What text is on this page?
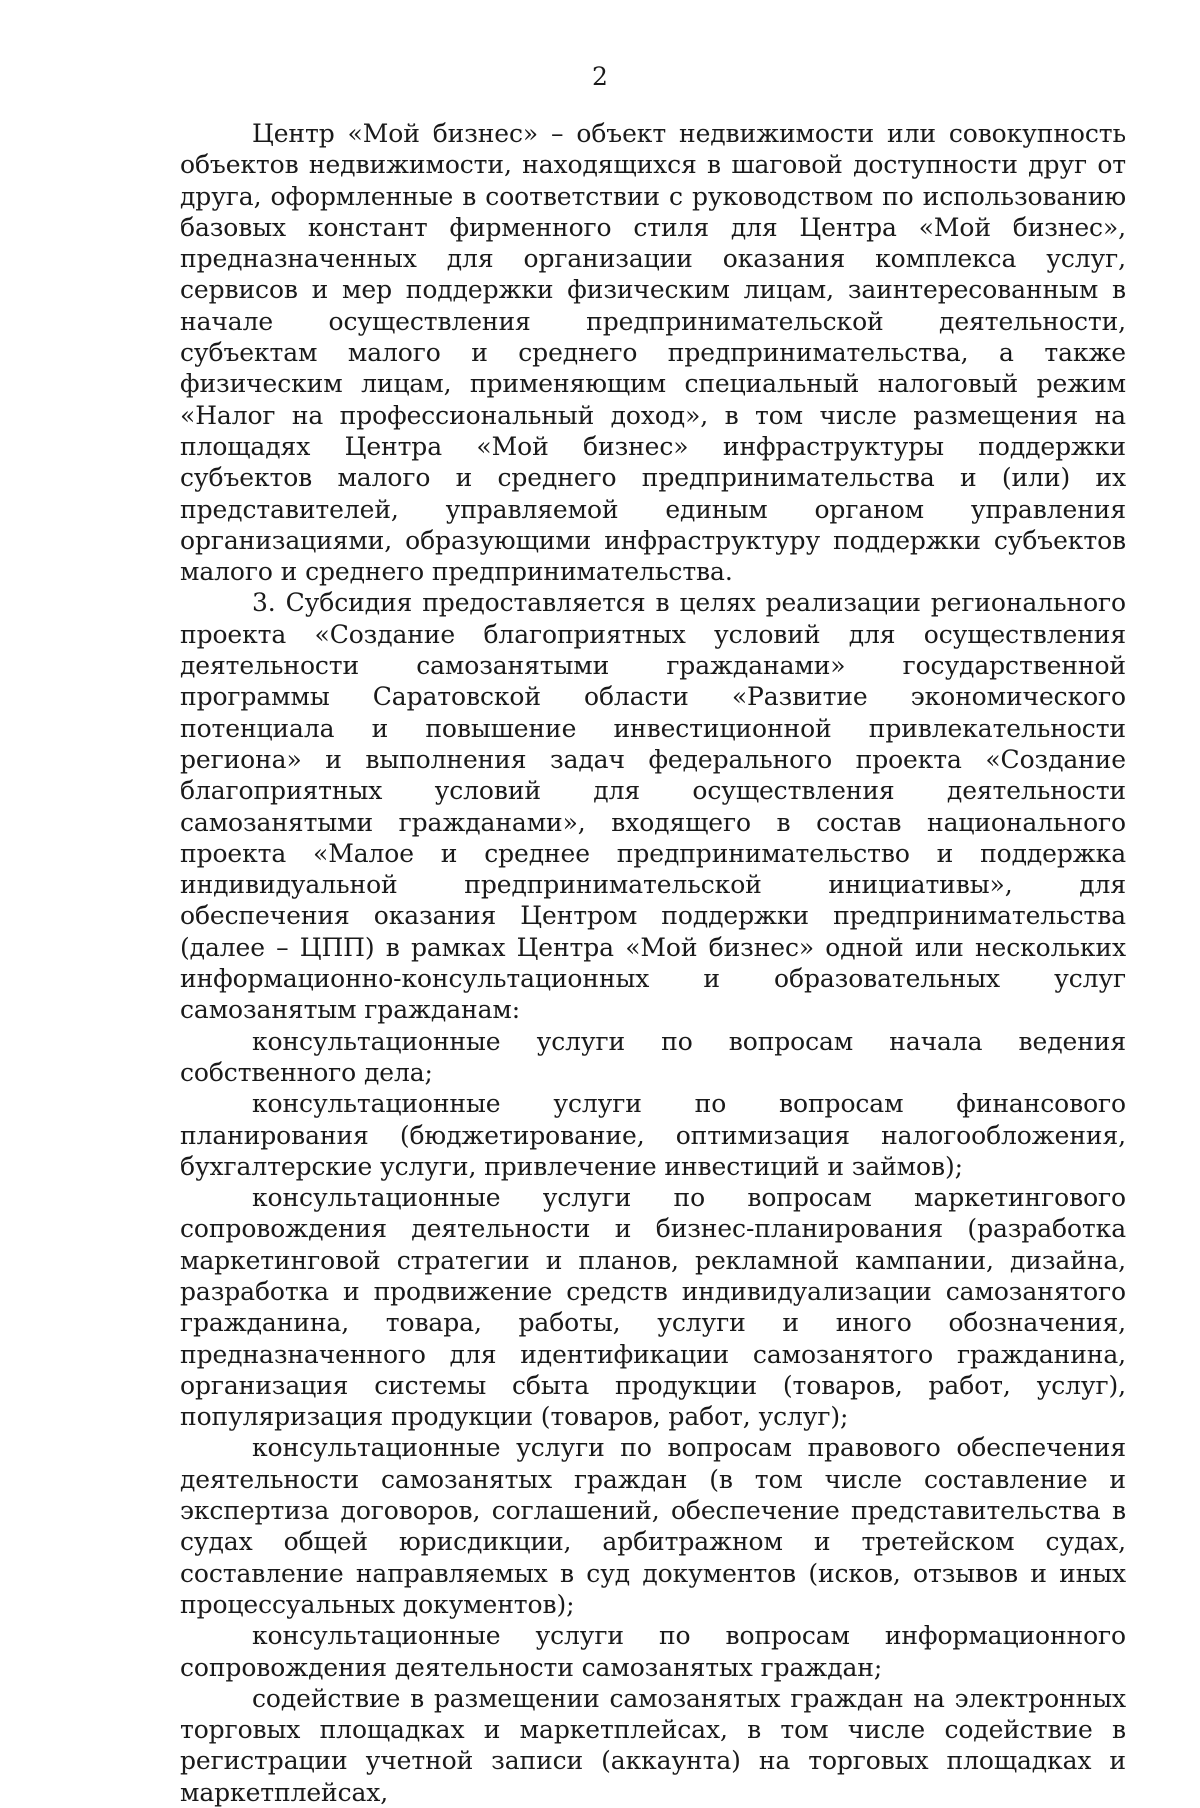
2

Центр «Мой бизнес» – объект недвижимости или совокупность объектов недвижимости, находящихся в шаговой доступности друг от друга, оформленные в соответствии с руководством по использованию базовых констант фирменного стиля для Центра «Мой бизнес», предназначенных для организации оказания комплекса услуг, сервисов и мер поддержки физическим лицам, заинтересованным в начале осуществления предпринимательской деятельности, субъектам малого и среднего предпринимательства, а также физическим лицам, применяющим специальный налоговый режим «Налог на профессиональный доход», в том числе размещения на площадях Центра «Мой бизнес» инфраструктуры поддержки субъектов малого и среднего предпринимательства и (или) их представителей, управляемой единым органом управления организациями, образующими инфраструктуру поддержки субъектов малого и среднего предпринимательства.

3. Субсидия предоставляется в целях реализации регионального проекта «Создание благоприятных условий для осуществления деятельности самозанятыми гражданами» государственной программы Саратовской области «Развитие экономического потенциала и повышение инвестиционной привлекательности региона» и выполнения задач федерального проекта «Создание благоприятных условий для осуществления деятельности самозанятыми гражданами», входящего в состав национального проекта «Малое и среднее предпринимательство и поддержка индивидуальной предпринимательской инициативы», для обеспечения оказания Центром поддержки предпринимательства (далее – ЦПП) в рамках Центра «Мой бизнес» одной или нескольких информационно-консультационных и образовательных услуг самозанятым гражданам:

консультационные услуги по вопросам начала ведения собственного дела;

консультационные услуги по вопросам финансового планирования (бюджетирование, оптимизация налогообложения, бухгалтерские услуги, привлечение инвестиций и займов);

консультационные услуги по вопросам маркетингового сопровождения деятельности и бизнес-планирования (разработка маркетинговой стратегии и планов, рекламной кампании, дизайна, разработка и продвижение средств индивидуализации самозанятого гражданина, товара, работы, услуги и иного обозначения, предназначенного для идентификации самозанятого гражданина, организация системы сбыта продукции (товаров, работ, услуг), популяризация продукции (товаров, работ, услуг);

консультационные услуги по вопросам правового обеспечения деятельности самозанятых граждан (в том числе составление и экспертиза договоров, соглашений, обеспечение представительства в судах общей юрисдикции, арбитражном и третейском судах, составление направляемых в суд документов (исков, отзывов и иных процессуальных документов);

консультационные услуги по вопросам информационного сопровождения деятельности самозанятых граждан;

содействие в размещении самозанятых граждан на электронных торговых площадках и маркетплейсах, в том числе содействие в регистрации учетной записи (аккаунта) на торговых площадках и маркетплейсах,
